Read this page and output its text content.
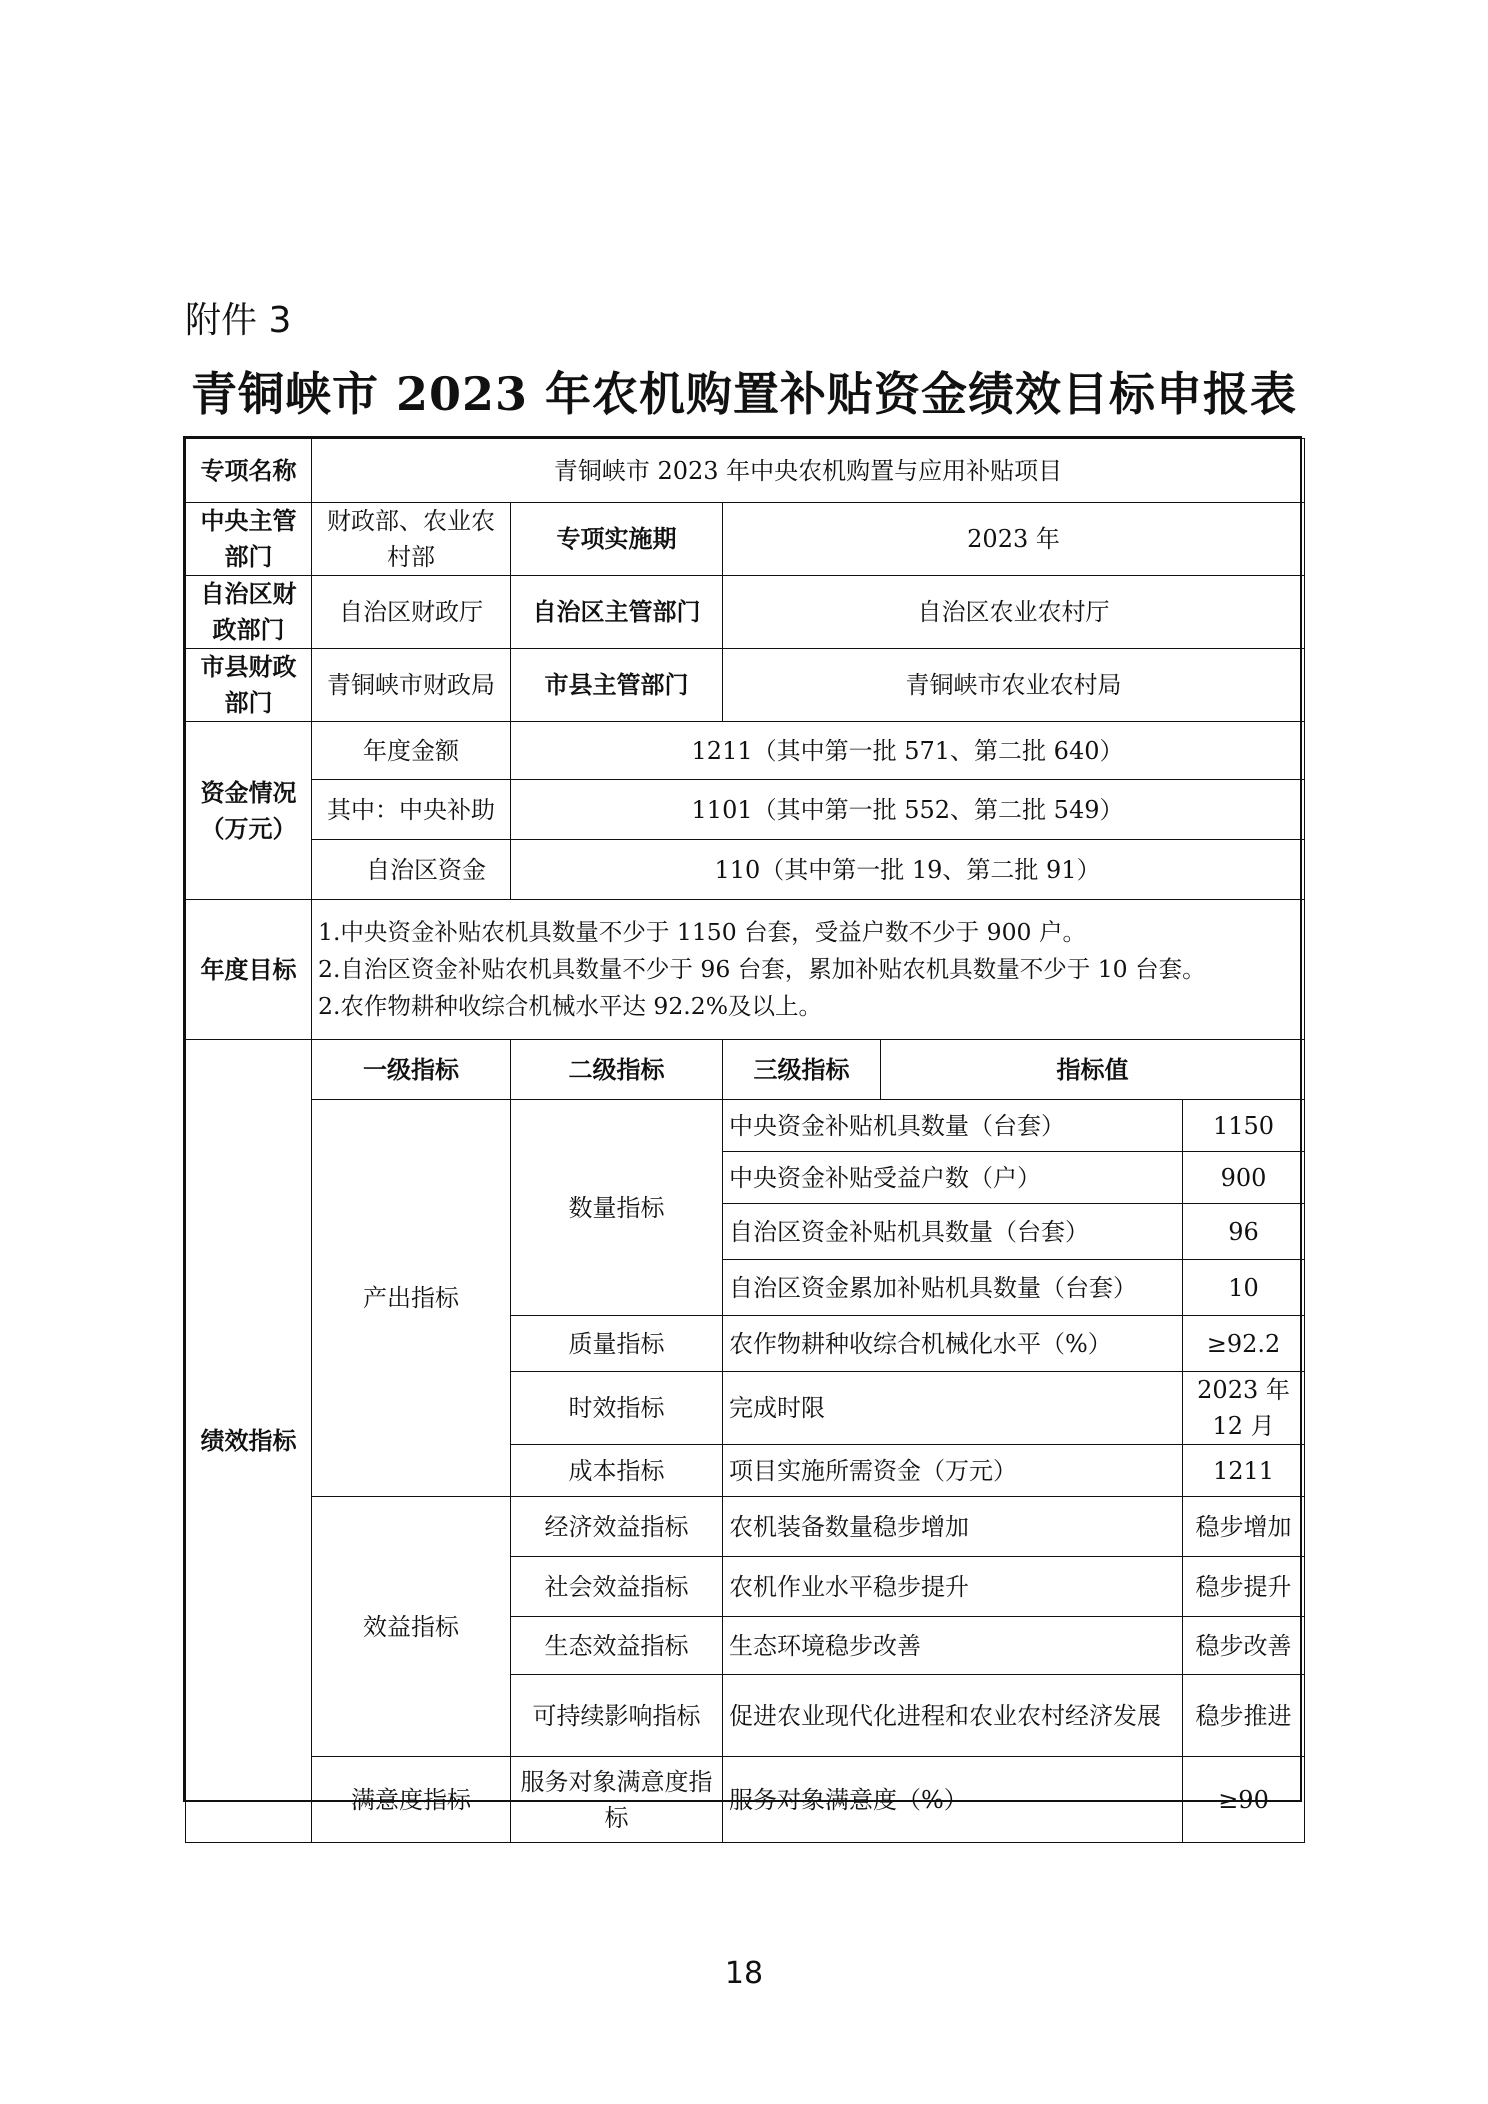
附件 3
青铜峡市 2023 年农机购置补贴资金绩效目标申报表
专项名称	青铜峡市 2023 年中央农机购置与应用补贴项目				
中央主管部门	财政部、农业农村部	专项实施期	2023 年		
自治区财政部门	自治区财政厅	自治区主管部门	自治区农业农村厅		
市县财政部门	青铜峡市财政局	市县主管部门	青铜峡市农业农村局		

资金情况
（万元）	年度金额	1211（其中第一批 571、第二批 640）			
	其中：中央补助	1101（其中第一批 552、第二批 549）			
	自治区资金	110（其中第一批 19、第二批 91）			
年度目标	1.中央资金补贴农机具数量不少于 1150 台套，受益户数不少于 900 户。
2.自治区资金补贴农机具数量不少于 96 台套，累加补贴农机具数量不少于 10 台套。
2.农作物耕种收综合机械水平达 92.2%及以上。				

绩效指标	一级指标	二级指标	三级指标	指标值	
	产出指标	数量指标	中央资金补贴机具数量（台套）		1150
			中央资金补贴受益户数（户）		900
			自治区资金补贴机具数量（台套）		96
			自治区资金累加补贴机具数量（台套）		10
		质量指标	农作物耕种收综合机械化水平（%）		≥92.2
		时效指标	完成时限		2023 年 12 月
		成本指标	项目实施所需资金（万元）		1211
	效益指标	经济效益指标	农机装备数量稳步增加		稳步增加
		社会效益指标	农机作业水平稳步提升		稳步提升
		生态效益指标	生态环境稳步改善		稳步改善
		可持续影响指标	促进农业现代化进程和农业农村经济发展		稳步推进
	满意度指标	服务对象满意度指标	服务对象满意度（%）		≥90
18
